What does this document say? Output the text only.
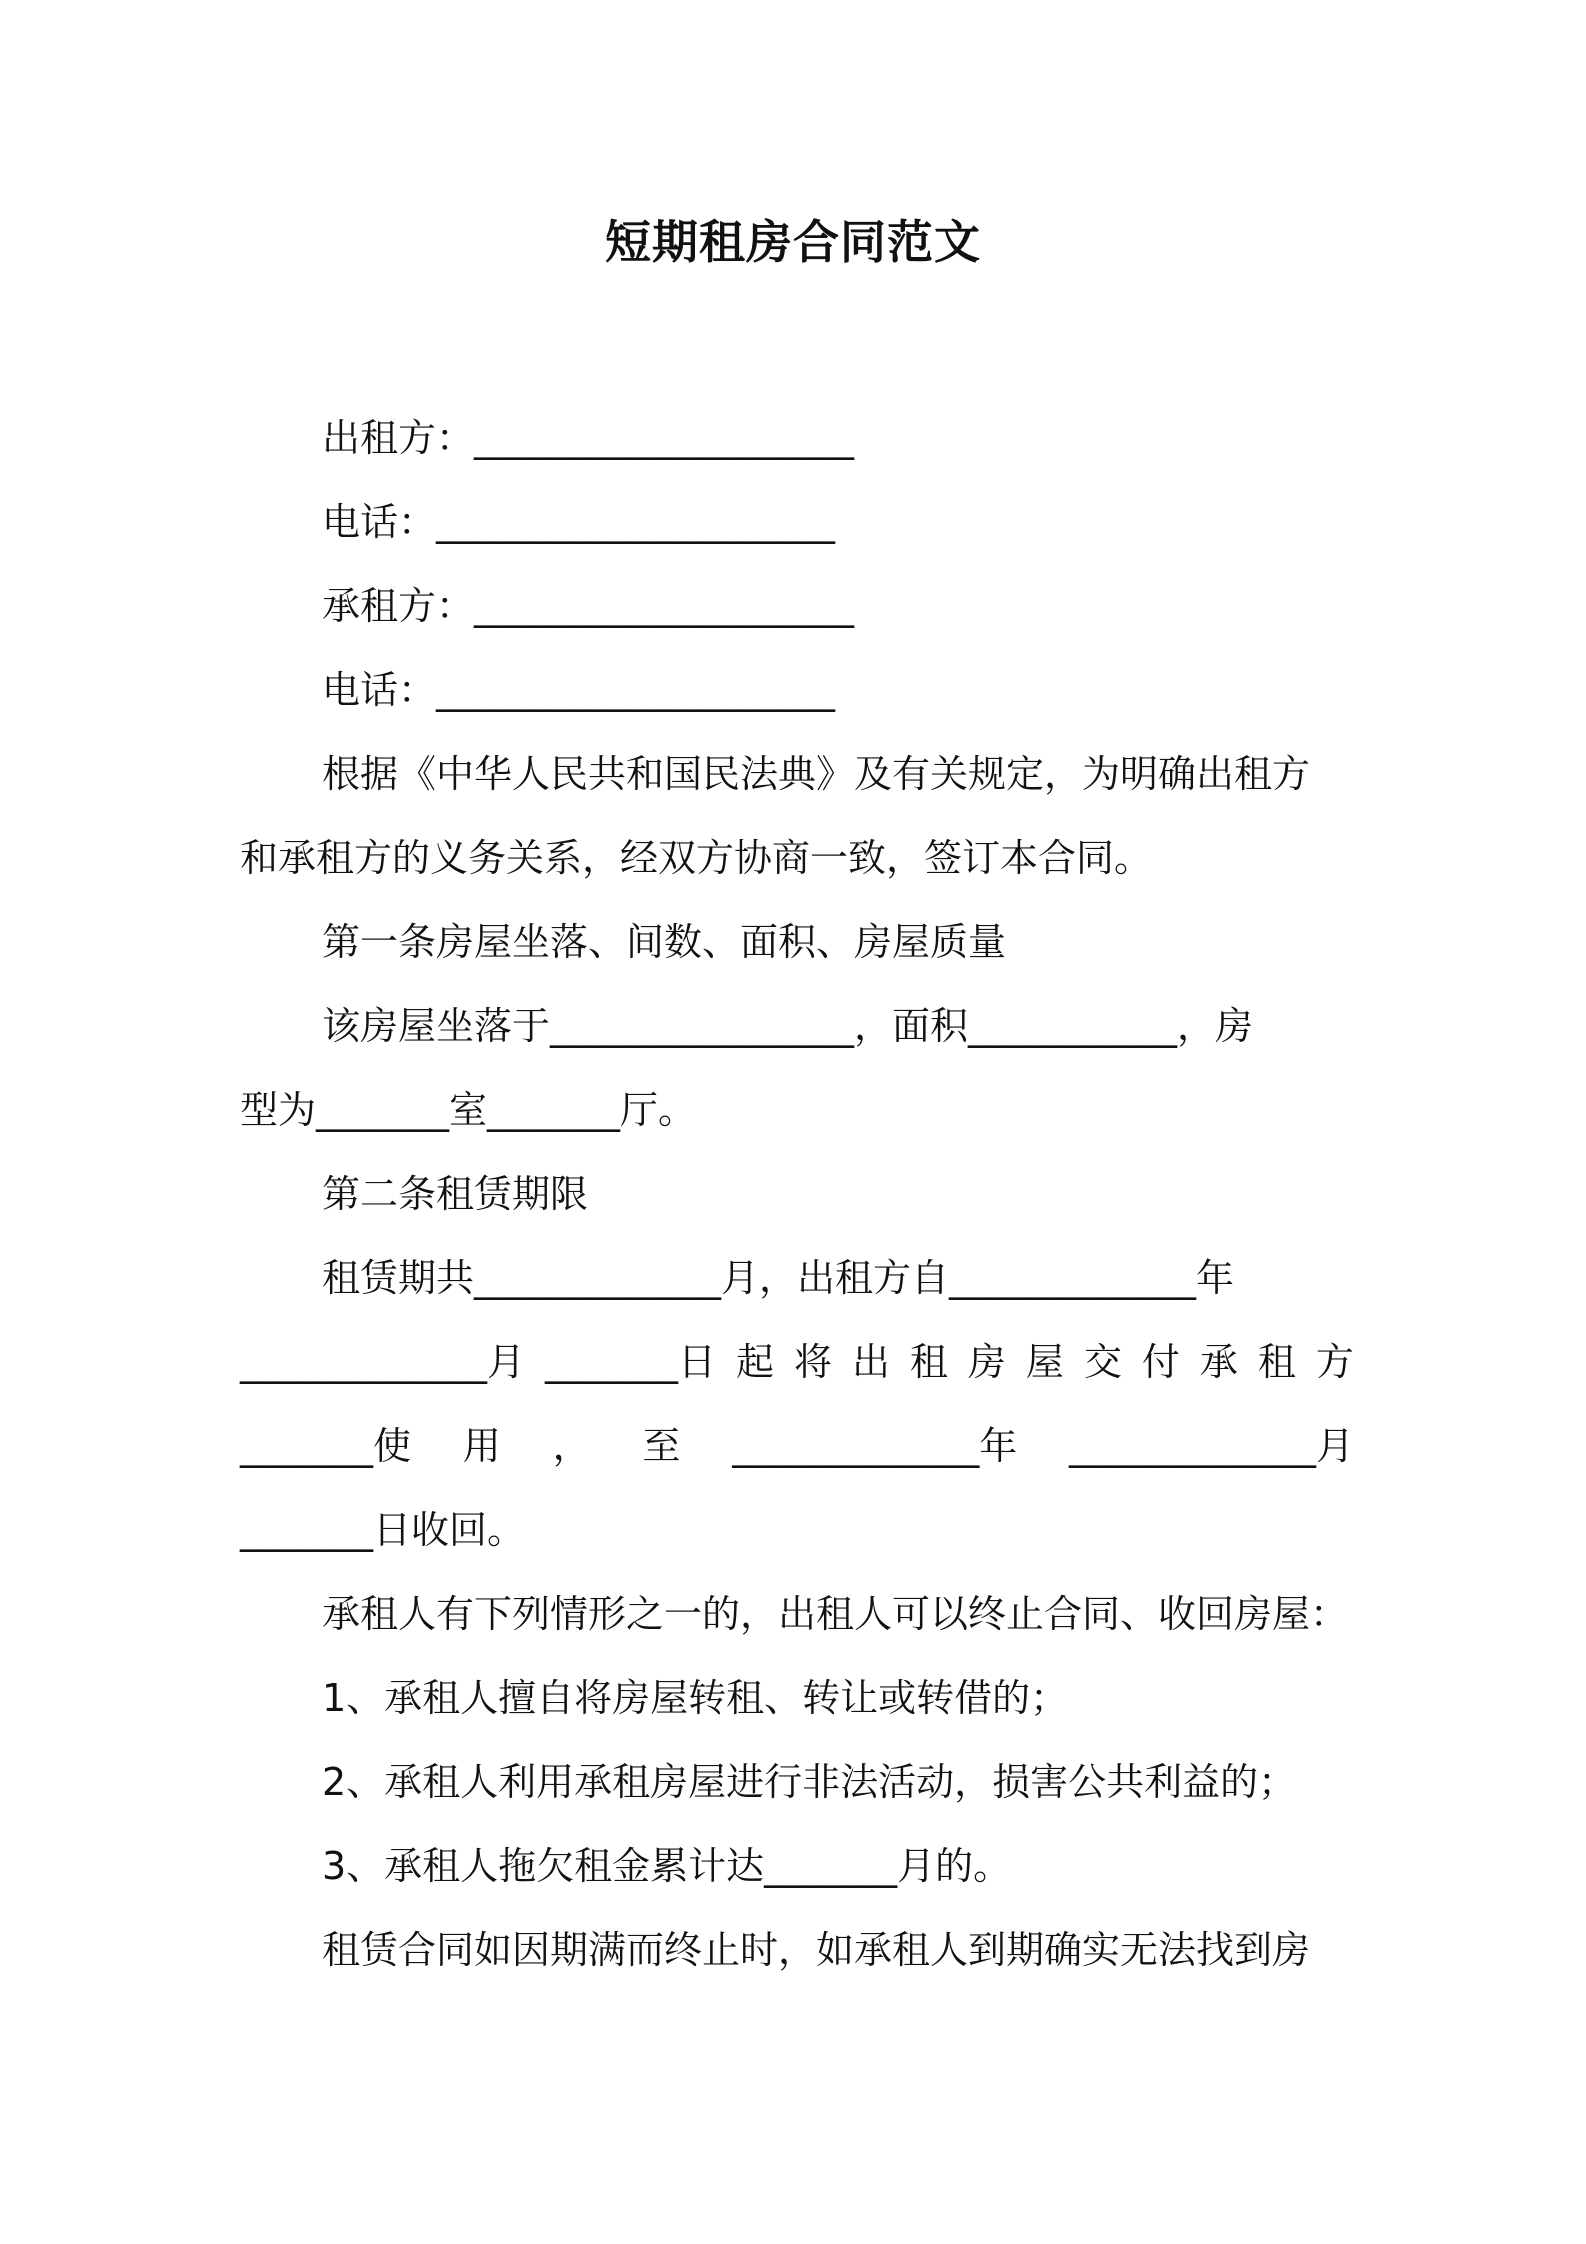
短期租房合同范文
出租方：____________________
电话：_____________________
承租方：____________________
电话：_____________________
根据《中华人民共和国民法典》及有关规定，为明确出租方
和承租方的义务关系，经双方协商一致，签订本合同。
第一条房屋坐落、间数、面积、房屋质量
该房屋坐落于________________，面积___________，房
型为_______室_______厅。
第二条租赁期限
租赁期共_____________月，出租方自_____________年
_____________月 _______日 起 将 出 租 房 屋 交 付 承 租 方
_______使 用 ， 至 _____________年 _____________月
_______日收回。
承租人有下列情形之一的，出租人可以终止合同、收回房屋：
1、承租人擅自将房屋转租、转让或转借的；
2、承租人利用承租房屋进行非法活动，损害公共利益的；
3、承租人拖欠租金累计达_______月的。
租赁合同如因期满而终止时，如承租人到期确实无法找到房
